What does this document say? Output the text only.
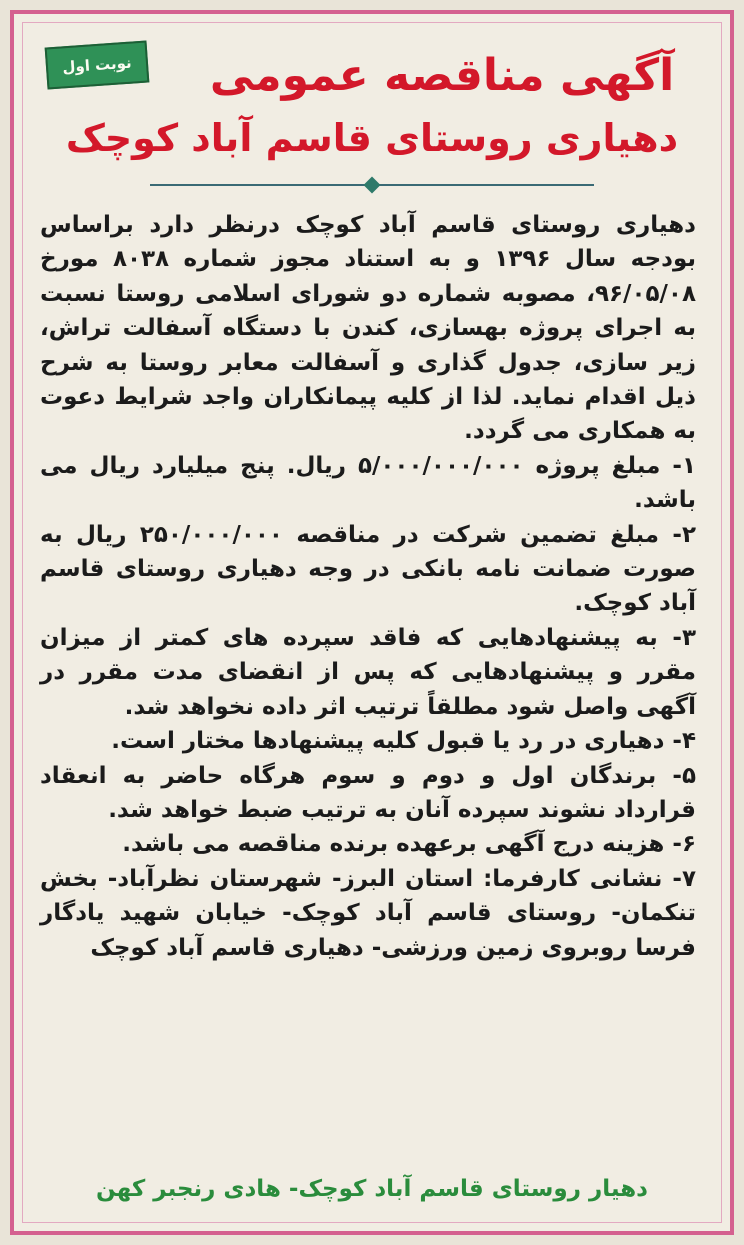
نوبت اول	آگهی مناقصه عمومی
دهیاری روستای قاسم آباد کوچک

دهیاری روستای قاسم آباد کوچک درنظر دارد براساس بودجه سال ۱۳۹۶ و به استناد مجوز شماره ۸۰۳۸ مورخ ۹۶/۰۵/۰۸، مصوبه شماره دو شورای اسلامی روستا نسبت به اجرای پروژه بهسازی، کندن با دستگاه آسفالت تراش، زیر سازی، جدول گذاری و آسفالت معابر روستا به شرح ذیل اقدام نماید. لذا از کلیه پیمانکاران واجد شرایط دعوت به همکاری می گردد.

۱- مبلغ پروژه ۵/۰۰۰/۰۰۰/۰۰۰ ریال. پنج میلیارد ریال می باشد.

۲- مبلغ تضمین شرکت در مناقصه ۲۵۰/۰۰۰/۰۰۰ ریال به صورت ضمانت نامه بانکی در وجه دهیاری روستای قاسم آباد کوچک.

۳- به پیشنهادهایی که فاقد سپرده های کمتر از میزان مقرر و پیشنهادهایی که پس از انقضای مدت مقرر در آگهی واصل شود مطلقاً ترتیب اثر داده نخواهد شد.

۴- دهیاری در رد یا قبول کلیه پیشنهادها مختار است.

۵- برندگان اول و دوم و سوم هرگاه حاضر به انعقاد قرارداد نشوند سپرده آنان به ترتیب ضبط خواهد شد.

۶- هزینه درج آگهی برعهده برنده مناقصه می باشد.

۷- نشانی کارفرما: استان البرز- شهرستان نظرآباد- بخش تنکمان- روستای قاسم آباد کوچک- خیابان شهید یادگار فرسا روبروی زمین ورزشی- دهیاری قاسم آباد کوچک

دهیار روستای قاسم آباد کوچک- هادی رنجبر کهن
